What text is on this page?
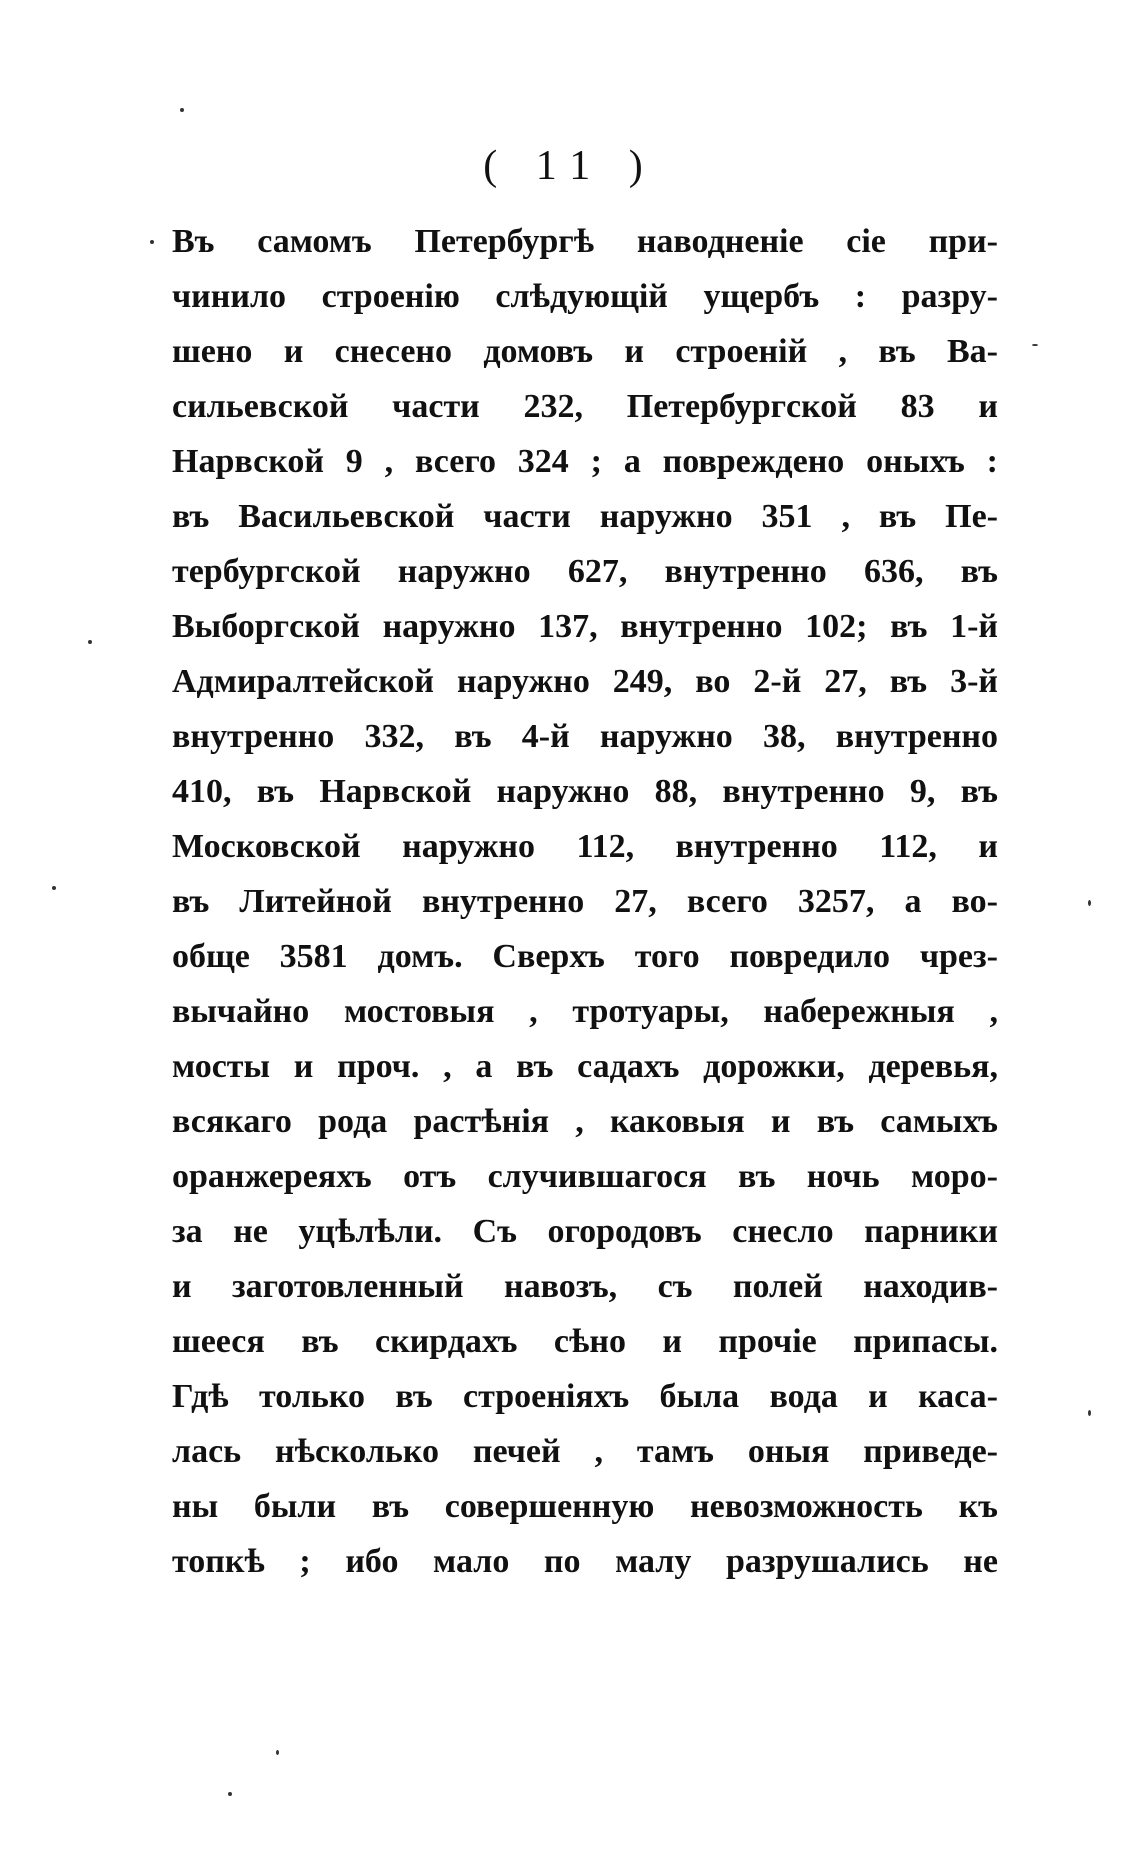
( 11 )
Въ самомъ Петербургѣ наводненіе сіе при-
чинило строенію слѣдующій ущербъ : разру-
шено и снесено домовъ и строеній , въ Ва-
сильевской части 232, Петербургской 83 и
Нарвской 9 , всего 324 ; а повреждено оныхъ :
въ Васильевской части наружно 351 , въ Пе-
тербургской наружно 627, внутренно 636, въ
Выборгской наружно 137, внутренно 102; въ 1-й
Адмиралтейской наружно 249, во 2-й 27, въ 3-й
внутренно 332, въ 4-й наружно 38, внутренно
410, въ Нарвской наружно 88, внутренно 9, въ
Московской наружно 112, внутренно 112, и
въ Литейной внутренно 27, всего 3257, а во-
обще 3581 домъ. Сверхъ того повредило чрез-
вычайно мостовыя , тротуары, набережныя ,
мосты и проч. , а въ садахъ дорожки, деревья,
всякаго рода растѣнія , каковыя и въ самыхъ
оранжереяхъ отъ случившагося въ ночь моро-
за не уцѣлѣли. Съ огородовъ снесло парники
и заготовленный навозъ, съ полей находив-
шееся въ скирдахъ сѣно и прочіе припасы.
Гдѣ только въ строеніяхъ была вода и каса-
лась нѣсколько печей , тамъ оныя приведе-
ны были въ совершенную невозможность къ
топкѣ ; ибо мало по малу разрушались не
